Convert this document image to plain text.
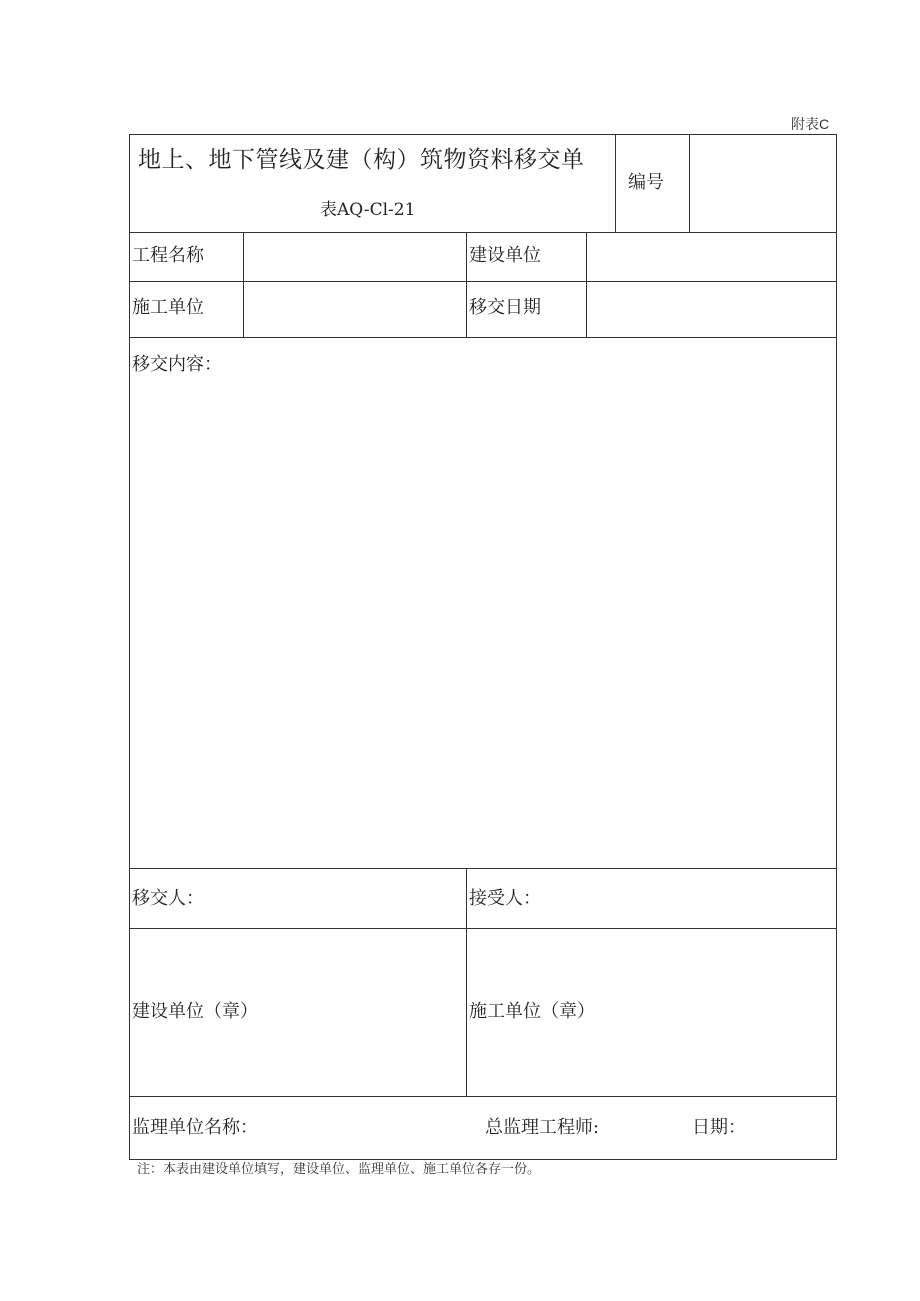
附表C
地上、地下管线及建（构）筑物资料移交单
表AQ-Cl-21
编号
工程名称	建设单位
施工单位	移交日期
移交内容：
移交人：	接受人：
建设单位（章）	施工单位（章）
监理单位名称：	总监理工程师:	日期：
注：本表由建设单位填写，建设单位、监理单位、施工单位各存一份。
